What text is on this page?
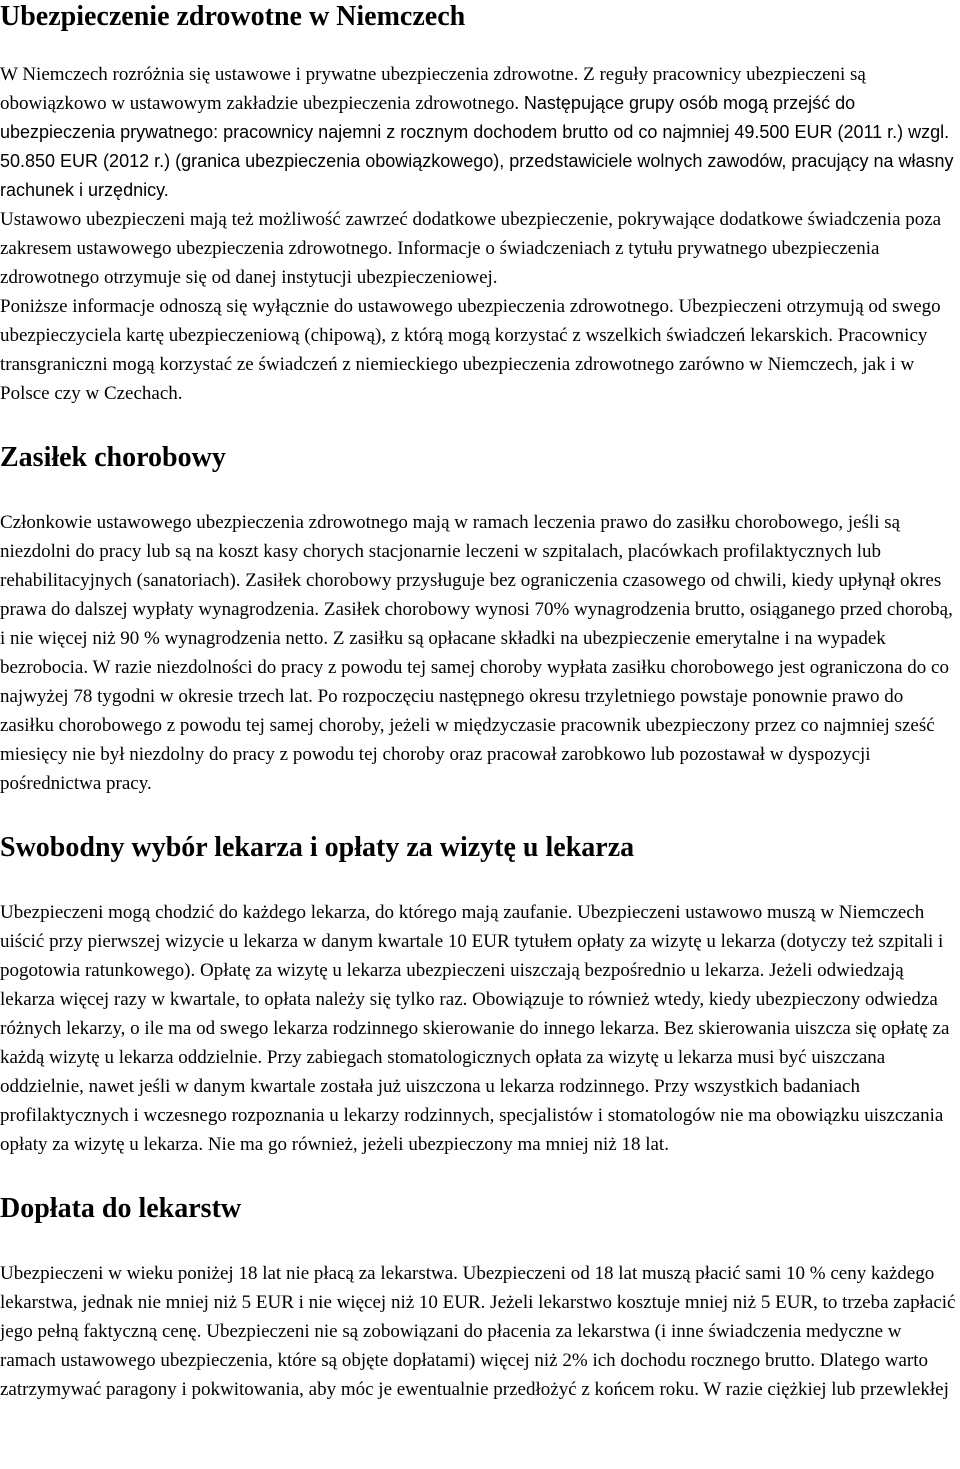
Ubezpieczenie zdrowotne w Niemczech

W Niemczech rozróżnia się ustawowe i prywatne ubezpieczenia zdrowotne. Z reguły pracownicy ubezpieczeni są obowiązkowo w ustawowym zakładzie ubezpieczenia zdrowotnego. Następujące grupy osób mogą przejść do ubezpieczenia prywatnego: pracownicy najemni z rocznym dochodem brutto od co najmniej 49.500 EUR (2011 r.) wzgl. 50.850 EUR (2012 r.) (granica ubezpieczenia obowiązkowego), przedstawiciele wolnych zawodów, pracujący na własny rachunek i urzędnicy.

Ustawowo ubezpieczeni mają też możliwość zawrzeć dodatkowe ubezpieczenie, pokrywające dodatkowe świadczenia poza zakresem ustawowego ubezpieczenia zdrowotnego. Informacje o świadczeniach z tytułu prywatnego ubezpieczenia zdrowotnego otrzymuje się od danej instytucji ubezpieczeniowej.

Poniższe informacje odnoszą się wyłącznie do ustawowego ubezpieczenia zdrowotnego. Ubezpieczeni otrzymują od swego ubezpieczyciela kartę ubezpieczeniową (chipową), z którą mogą korzystać z wszelkich świadczeń lekarskich. Pracownicy transgraniczni mogą korzystać ze świadczeń z niemieckiego ubezpieczenia zdrowotnego zarówno w Niemczech, jak i w Polsce czy w Czechach.

Zasiłek chorobowy

Członkowie ustawowego ubezpieczenia zdrowotnego mają w ramach leczenia prawo do zasiłku chorobowego, jeśli są niezdolni do pracy lub są na koszt kasy chorych stacjonarnie leczeni w szpitalach, placówkach profilaktycznych lub rehabilitacyjnych (sanatoriach). Zasiłek chorobowy przysługuje bez ograniczenia czasowego od chwili, kiedy upłynął okres prawa do dalszej wypłaty wynagrodzenia. Zasiłek chorobowy wynosi 70% wynagrodzenia brutto, osiąganego przed chorobą, i nie więcej niż 90 % wynagrodzenia netto. Z zasiłku są opłacane składki na ubezpieczenie emerytalne i na wypadek bezrobocia. W razie niezdolności do pracy z powodu tej samej choroby wypłata zasiłku chorobowego jest ograniczona do co najwyżej 78 tygodni w okresie trzech lat. Po rozpoczęciu następnego okresu trzyletniego powstaje ponownie prawo do zasiłku chorobowego z powodu tej samej choroby, jeżeli w międzyczasie pracownik ubezpieczony przez co najmniej sześć miesięcy nie był niezdolny do pracy z powodu tej choroby oraz pracował zarobkowo lub pozostawał w dyspozycji pośrednictwa pracy.

Swobodny wybór lekarza i opłaty za wizytę u lekarza

Ubezpieczeni mogą chodzić do każdego lekarza, do którego mają zaufanie. Ubezpieczeni ustawowo muszą w Niemczech uiścić przy pierwszej wizycie u lekarza w danym kwartale 10 EUR tytułem opłaty za wizytę u lekarza (dotyczy też szpitali i pogotowia ratunkowego). Opłatę za wizytę u lekarza ubezpieczeni uiszczają bezpośrednio u lekarza. Jeżeli odwiedzają lekarza więcej razy w kwartale, to opłata należy się tylko raz. Obowiązuje to również wtedy, kiedy ubezpieczony odwiedza różnych lekarzy, o ile ma od swego lekarza rodzinnego skierowanie do innego lekarza. Bez skierowania uiszcza się opłatę za każdą wizytę u lekarza oddzielnie. Przy zabiegach stomatologicznych opłata za wizytę u lekarza musi być uiszczana oddzielnie, nawet jeśli w danym kwartale została już uiszczona u lekarza rodzinnego. Przy wszystkich badaniach profilaktycznych i wczesnego rozpoznania u lekarzy rodzinnych, specjalistów i stomatologów nie ma obowiązku uiszczania opłaty za wizytę u lekarza. Nie ma go również, jeżeli ubezpieczony ma mniej niż 18 lat.

Dopłata do lekarstw

Ubezpieczeni w wieku poniżej 18 lat nie płacą za lekarstwa. Ubezpieczeni od 18 lat muszą płacić sami 10 % ceny każdego lekarstwa, jednak nie mniej niż 5 EUR i nie więcej niż 10 EUR. Jeżeli lekarstwo kosztuje mniej niż 5 EUR, to trzeba zapłacić jego pełną faktyczną cenę. Ubezpieczeni nie są zobowiązani do płacenia za lekarstwa (i inne świadczenia medyczne w ramach ustawowego ubezpieczenia, które są objęte dopłatami) więcej niż 2% ich dochodu rocznego brutto. Dlatego warto zatrzymywać paragony i pokwitowania, aby móc je ewentualnie przedłożyć z końcem roku. W razie ciężkiej lub przewlekłej
